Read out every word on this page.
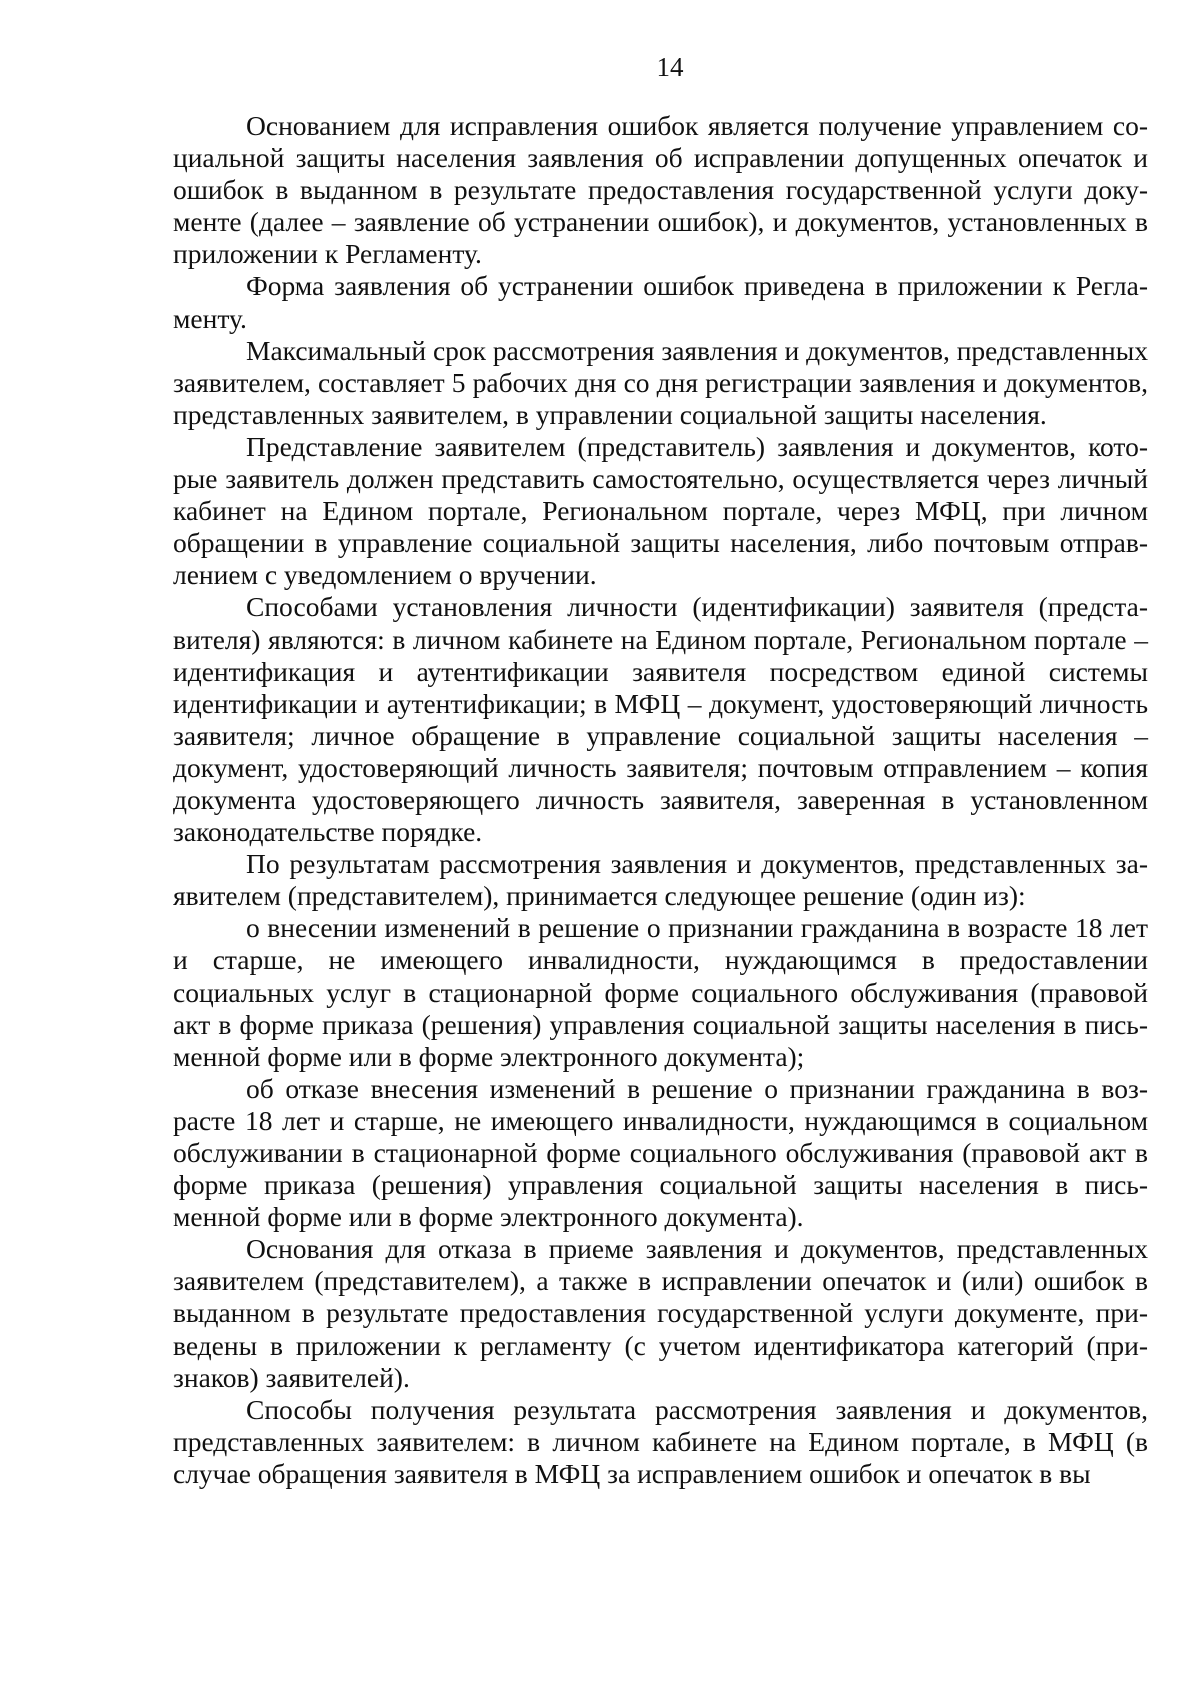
14

Основанием для исправления ошибок является получение управлением социальной защиты населения заявления об исправлении допущенных опечаток и ошибок в выданном в результате предоставления государственной услуги документе (далее – заявление об устранении ошибок), и документов, установленных в приложении к Регламенту.

Форма заявления об устранении ошибок приведена в приложении к Регламенту.

Максимальный срок рассмотрения заявления и документов, представленных заявителем, составляет 5 рабочих дня со дня регистрации заявления и документов, представленных заявителем, в управлении социальной защиты населения.

Представление заявителем (представитель) заявления и документов, которые заявитель должен представить самостоятельно, осуществляется через личный кабинет на Едином портале, Региональном портале, через МФЦ, при личном обращении в управление социальной защиты населения, либо почтовым отправлением с уведомлением о вручении.

Способами установления личности (идентификации) заявителя (представителя) являются: в личном кабинете на Едином портале, Региональном портале – идентификация и аутентификации заявителя посредством единой системы идентификации и аутентификации; в МФЦ – документ, удостоверяющий личность заявителя; личное обращение в управление социальной защиты населения – документ, удостоверяющий личность заявителя; почтовым отправлением – копия документа удостоверяющего личность заявителя, заверенная в установленном законодательстве порядке.

По результатам рассмотрения заявления и документов, представленных заявителем (представителем), принимается следующее решение (один из):

о внесении изменений в решение о признании гражданина в возрасте 18 лет и старше, не имеющего инвалидности, нуждающимся в предоставлении социальных услуг в стационарной форме социального обслуживания (правовой акт в форме приказа (решения) управления социальной защиты населения в письменной форме или в форме электронного документа);

об отказе внесения изменений в решение о признании гражданина в возрасте 18 лет и старше, не имеющего инвалидности, нуждающимся в социальном обслуживании в стационарной форме социального обслуживания (правовой акт в форме приказа (решения) управления социальной защиты населения в письменной форме или в форме электронного документа).

Основания для отказа в приеме заявления и документов, представленных заявителем (представителем), а также в исправлении опечаток и (или) ошибок в выданном в результате предоставления государственной услуги документе, приведены в приложении к регламенту (с учетом идентификатора категорий (признаков) заявителей).

Способы получения результата рассмотрения заявления и документов, представленных заявителем: в личном кабинете на Едином портале, в МФЦ (в случае обращения заявителя в МФЦ за исправлением ошибок и опечаток в вы
